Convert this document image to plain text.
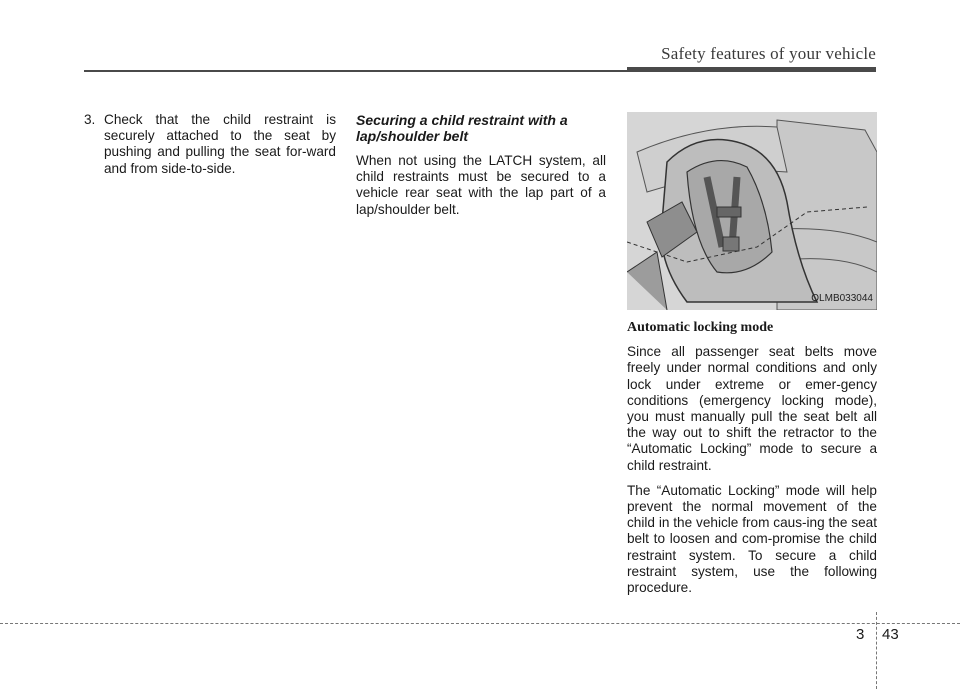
Safety features of your vehicle
3. Check that the child restraint is securely attached to the seat by pushing and pulling the seat for-ward and from side-to-side.
Securing a child restraint with a lap/shoulder belt

When not using the LATCH system, all child restraints must be secured to a vehicle rear seat with the lap part of a lap/shoulder belt.

OLMB033044
Automatic locking mode

Since all passenger seat belts move freely under normal conditions and only lock under extreme or emer-gency conditions (emergency locking mode), you must manually pull the seat belt all the way out to shift the retractor to the “Automatic Locking” mode to secure a child restraint.

The “Automatic Locking” mode will help prevent the normal movement of the child in the vehicle from caus-ing the seat belt to loosen and com-promise the child restraint system. To secure a child restraint system, use the following procedure.

3 43
